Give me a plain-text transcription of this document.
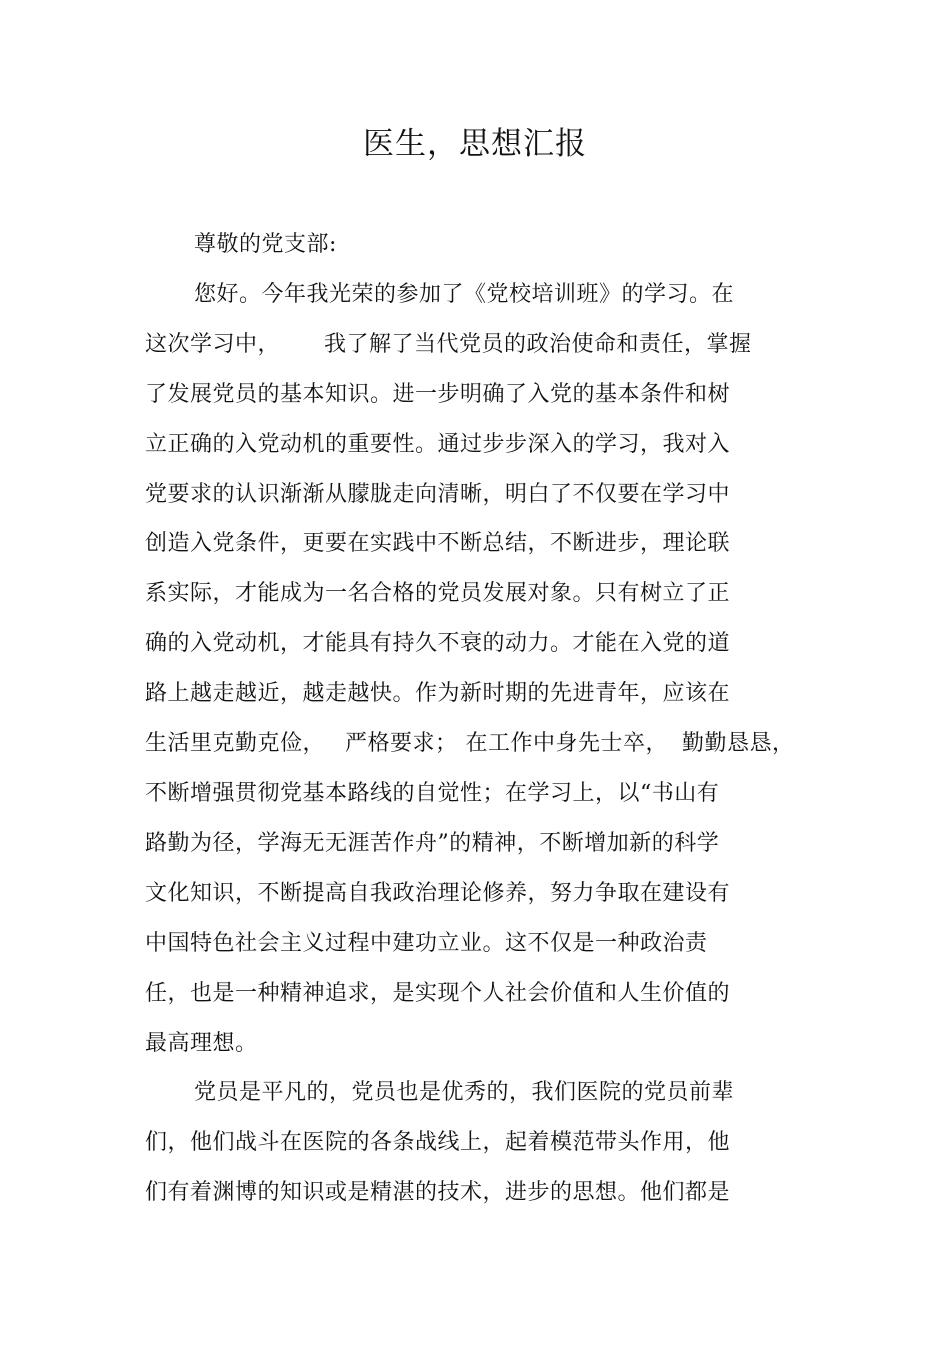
医生，思想汇报
尊敬的党支部:
您好。今年我光荣的参加了《党校培训班》的学习。在
这次学习中， 我了解了当代党员的政治使命和责任，掌握
了发展党员的基本知识。进一步明确了入党的基本条件和树
立正确的入党动机的重要性。通过步步深入的学习，我对入
党要求的认识渐渐从朦胧走向清晰，明白了不仅要在学习中
创造入党条件，更要在实践中不断总结，不断进步，理论联
系实际，才能成为一名合格的党员发展对象。只有树立了正
确的入党动机，才能具有持久不衰的动力。才能在入党的道
路上越走越近，越走越快。作为新时期的先进青年，应该在
生活里克勤克俭， 严格要求； 在工作中身先士卒， 勤勤恳恳，
不断增强贯彻党基本路线的自觉性；在学习上，以“书山有
路勤为径，学海无无涯苦作舟”的精神，不断增加新的科学
文化知识，不断提高自我政治理论修养，努力争取在建设有
中国特色社会主义过程中建功立业。这不仅是一种政治责
任，也是一种精神追求，是实现个人社会价值和人生价值的
最高理想。
党员是平凡的，党员也是优秀的，我们医院的党员前辈
们，他们战斗在医院的各条战线上，起着模范带头作用，他
们有着渊博的知识或是精湛的技术，进步的思想。他们都是
